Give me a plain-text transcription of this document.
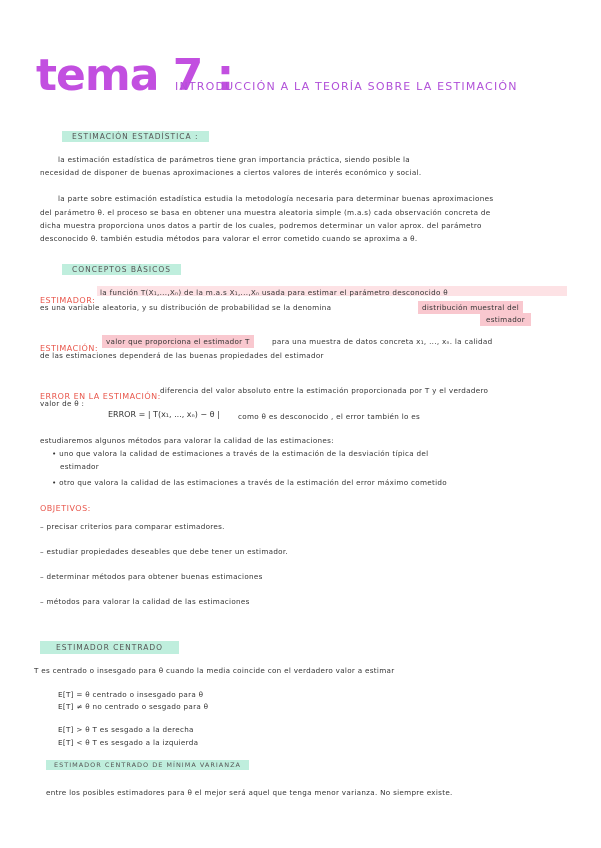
tema 7 :
INTRODUCCIÓN A LA TEORÍA SOBRE LA ESTIMACIÓN
ESTIMACIÓN ESTADÍSTICA :
la estimación estadística de parámetros tiene gran importancia práctica, siendo posible la
necesidad de disponer de buenas aproximaciones a ciertos valores de interés económico y social.
la parte sobre estimación estadística estudia la metodología necesaria para determinar buenas aproximaciones
del parámetro θ. el proceso se basa en obtener una muestra aleatoria simple (m.a.s) cada observación concreta de
dicha muestra proporciona unos datos a partir de los cuales, podremos determinar un valor aprox. del parámetro
desconocido θ. también estudia métodos para valorar el error cometido cuando se aproxima a θ.
CONCEPTOS BÁSICOS
ESTIMADOR:
la función T(X₁,...,Xₙ) de la m.a.s X₁,...,Xₙ usada para estimar el parámetro desconocido θ
es una variable aleatoria, y su distribución de probabilidad se la denomina	distribución muestral del
estimador
ESTIMACIÓN:
valor que proporciona el estimador T	para una muestra de datos concreta x₁, ..., xₙ. la calidad
de las estimaciones dependerá de las buenas propiedades del estimador
ERROR EN LA ESTIMACIÓN:
diferencia del valor absoluto entre la estimación proporcionada por T y el verdadero
valor de θ :
ERROR = | T(x₁, ..., xₙ) − θ |	como θ es desconocido , el error también lo es
estudiaremos algunos métodos para valorar la calidad de las estimaciones:
• uno que valora la calidad de estimaciones a través de la estimación de la desviación típica del
estimador
• otro que valora la calidad de las estimaciones a través de la estimación del error máximo cometido
OBJETIVOS:
– precisar criterios para comparar estimadores.
– estudiar propiedades deseables que debe tener un estimador.
– determinar métodos para obtener buenas estimaciones
– métodos para valorar la calidad de las estimaciones
ESTIMADOR CENTRADO
T es centrado o insesgado para θ cuando la media coincide con el verdadero valor a estimar
E[T] = θ centrado o insesgado para θ
E[T] ≠ θ no centrado o sesgado para θ
E[T] > θ T es sesgado a la derecha
E[T] < θ T es sesgado a la izquierda
ESTIMADOR CENTRADO DE MÍNIMA VARIANZA
entre los posibles estimadores para θ el mejor será aquel que tenga menor varianza. No siempre existe.
